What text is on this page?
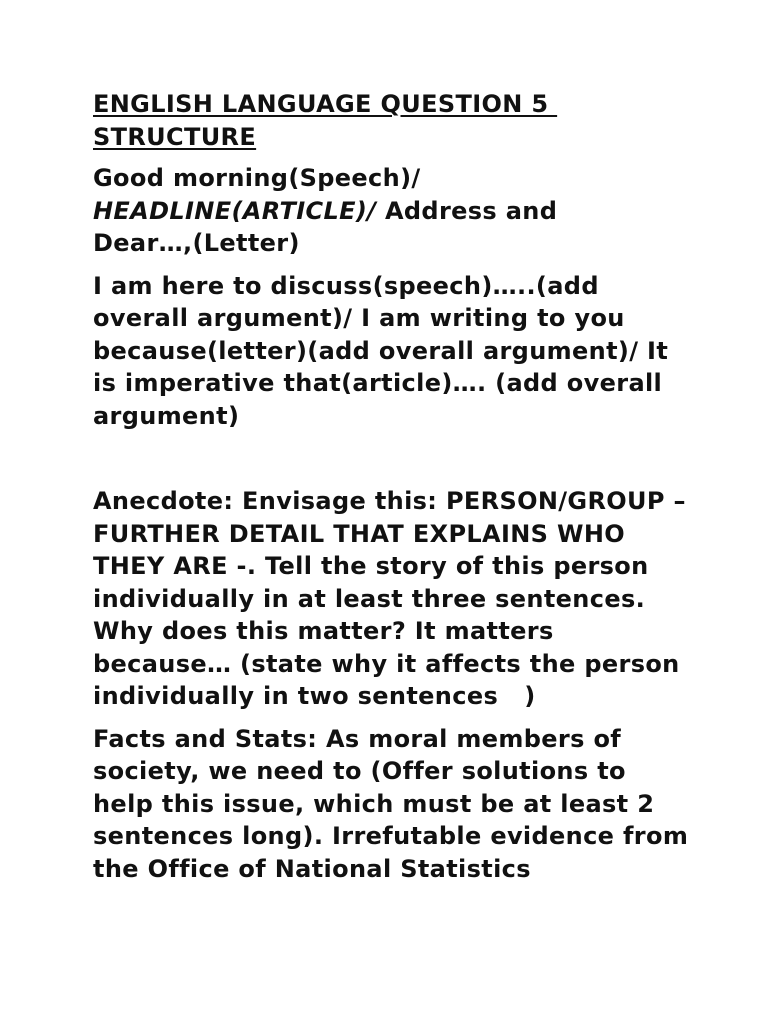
ENGLISH LANGUAGE QUESTION 5
STRUCTURE

Good morning(Speech)/
HEADLINE(ARTICLE)/ Address and
Dear…,(Letter)

I am here to discuss(speech)…..(add overall argument)/ I am writing to you because(letter)(add overall argument)/ It is imperative that(article)…. (add overall argument)

Anecdote: Envisage this: PERSON/GROUP – FURTHER DETAIL THAT EXPLAINS WHO THEY ARE -. Tell the story of this person individually in at least three sentences. Why does this matter? It matters because… (state why it affects the person individually in two sentences   )

Facts and Stats: As moral members of society, we need to (Offer solutions to help this issue, which must be at least 2 sentences long). Irrefutable evidence from the Office of National Statistics
